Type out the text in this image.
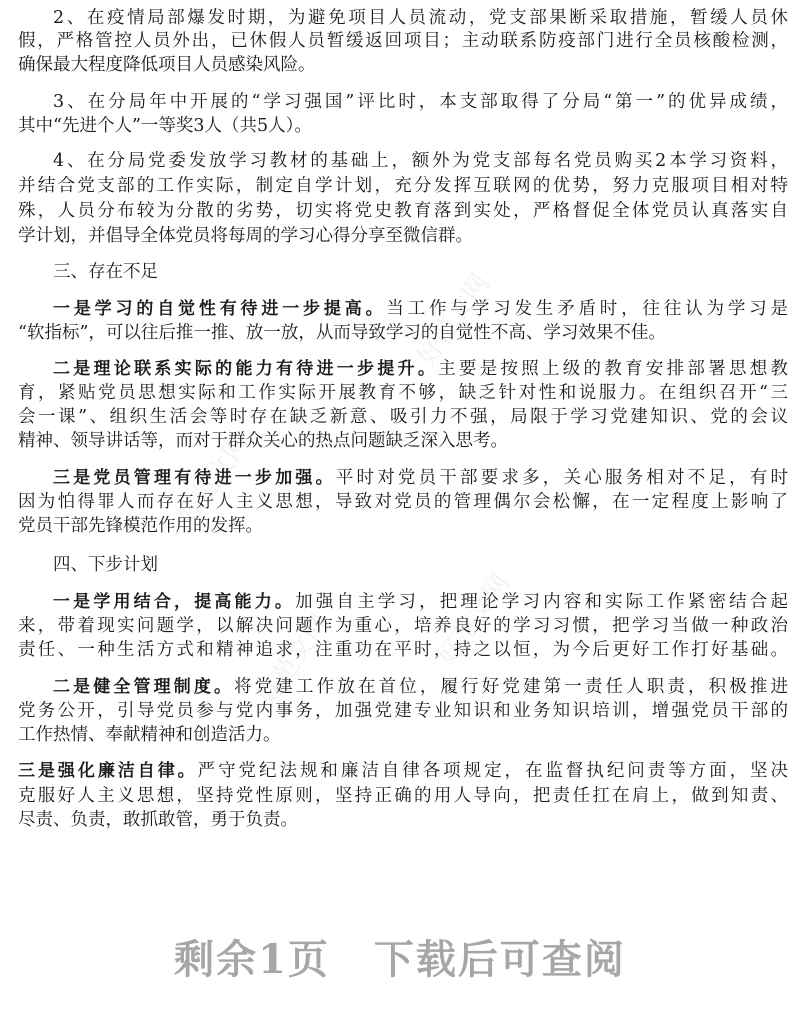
好范文网
好范文网
好范文网
好范文网
2、在疫情局部爆发时期，为避免项目人员流动，党支部果断采取措施，暂缓人员休
假，严格管控人员外出，已休假人员暂缓返回项目；主动联系防疫部门进行全员核酸检测，
确保最大程度降低项目人员感染风险。
3、在分局年中开展的“学习强国”评比时，本支部取得了分局“第一”的优异成绩，
其中“先进个人”一等奖3人（共5人）。
4、在分局党委发放学习教材的基础上，额外为党支部每名党员购买2本学习资料，
并结合党支部的工作实际，制定自学计划，充分发挥互联网的优势，努力克服项目相对特
殊，人员分布较为分散的劣势，切实将党史教育落到实处，严格督促全体党员认真落实自
学计划，并倡导全体党员将每周的学习心得分享至微信群。
三、存在不足
一是学习的自觉性有待进一步提高。当工作与学习发生矛盾时，往往认为学习是
“软指标”，可以往后推一推、放一放，从而导致学习的自觉性不高、学习效果不佳。
二是理论联系实际的能力有待进一步提升。主要是按照上级的教育安排部署思想教
育，紧贴党员思想实际和工作实际开展教育不够，缺乏针对性和说服力。在组织召开“三
会一课”、组织生活会等时存在缺乏新意、吸引力不强，局限于学习党建知识、党的会议
精神、领导讲话等，而对于群众关心的热点问题缺乏深入思考。
三是党员管理有待进一步加强。平时对党员干部要求多，关心服务相对不足，有时
因为怕得罪人而存在好人主义思想，导致对党员的管理偶尔会松懈，在一定程度上影响了
党员干部先锋模范作用的发挥。
四、下步计划
一是学用结合，提高能力。加强自主学习，把理论学习内容和实际工作紧密结合起
来，带着现实问题学，以解决问题作为重心，培养良好的学习习惯，把学习当做一种政治
责任、一种生活方式和精神追求，注重功在平时，持之以恒，为今后更好工作打好基础。
二是健全管理制度。将党建工作放在首位，履行好党建第一责任人职责，积极推进
党务公开，引导党员参与党内事务，加强党建专业知识和业务知识培训，增强党员干部的
工作热情、奉献精神和创造活力。
三是强化廉洁自律。严守党纪法规和廉洁自律各项规定，在监督执纪问责等方面，坚决
克服好人主义思想，坚持党性原则，坚持正确的用人导向，把责任扛在肩上，做到知责、
尽责、负责，敢抓敢管，勇于负责。
剩余1页 下载后可查阅
